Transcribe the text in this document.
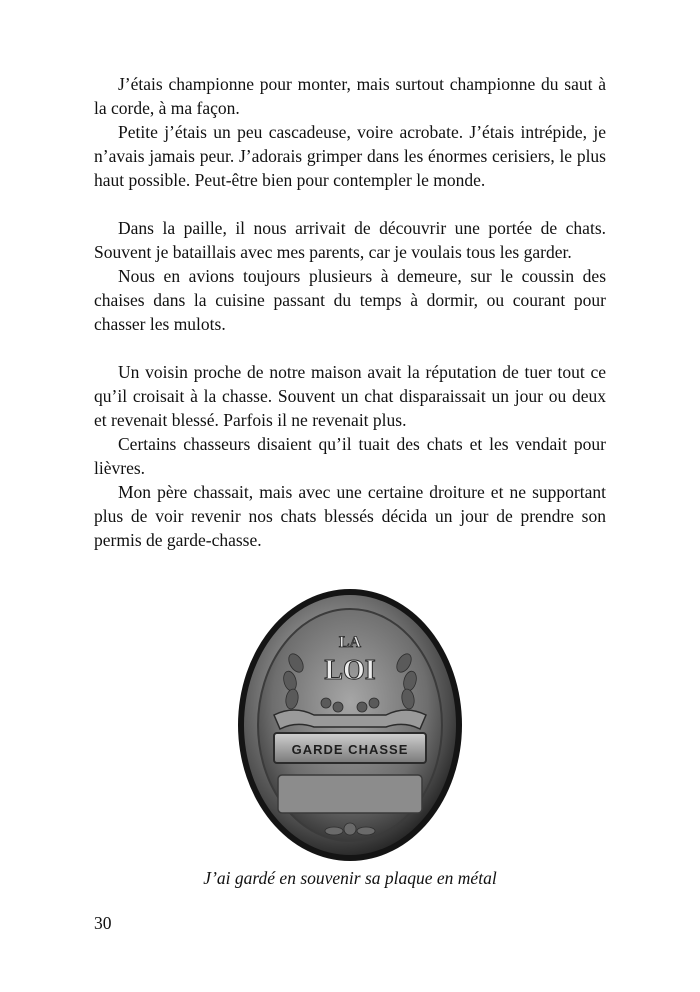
J’étais championne pour monter, mais surtout championne du saut à la corde, à ma façon.

Petite j’étais un peu cascadeuse, voire acrobate. J’étais intrépide, je n’avais jamais peur. J’adorais grimper dans les énormes cerisiers, le plus haut possible. Peut-être bien pour contempler le monde.

Dans la paille, il nous arrivait de découvrir une portée de chats. Souvent je bataillais avec mes parents, car je voulais tous les garder.

Nous en avions toujours plusieurs à demeure, sur le coussin des chaises dans la cuisine passant du temps à dormir, ou courant pour chasser les mulots.

Un voisin proche de notre maison avait la réputation de tuer tout ce qu’il croisait à la chasse. Souvent un chat disparaissait un jour ou deux et revenait blessé. Parfois il ne revenait plus.

Certains chasseurs disaient qu’il tuait des chats et les vendait pour lièvres.

Mon père chassait, mais avec une certaine droiture et ne supportant plus de voir revenir nos chats blessés décida un jour de prendre son permis de garde-chasse.

LA
LOI
GARDE CHASSE
J’ai gardé en souvenir sa plaque en métal
30
